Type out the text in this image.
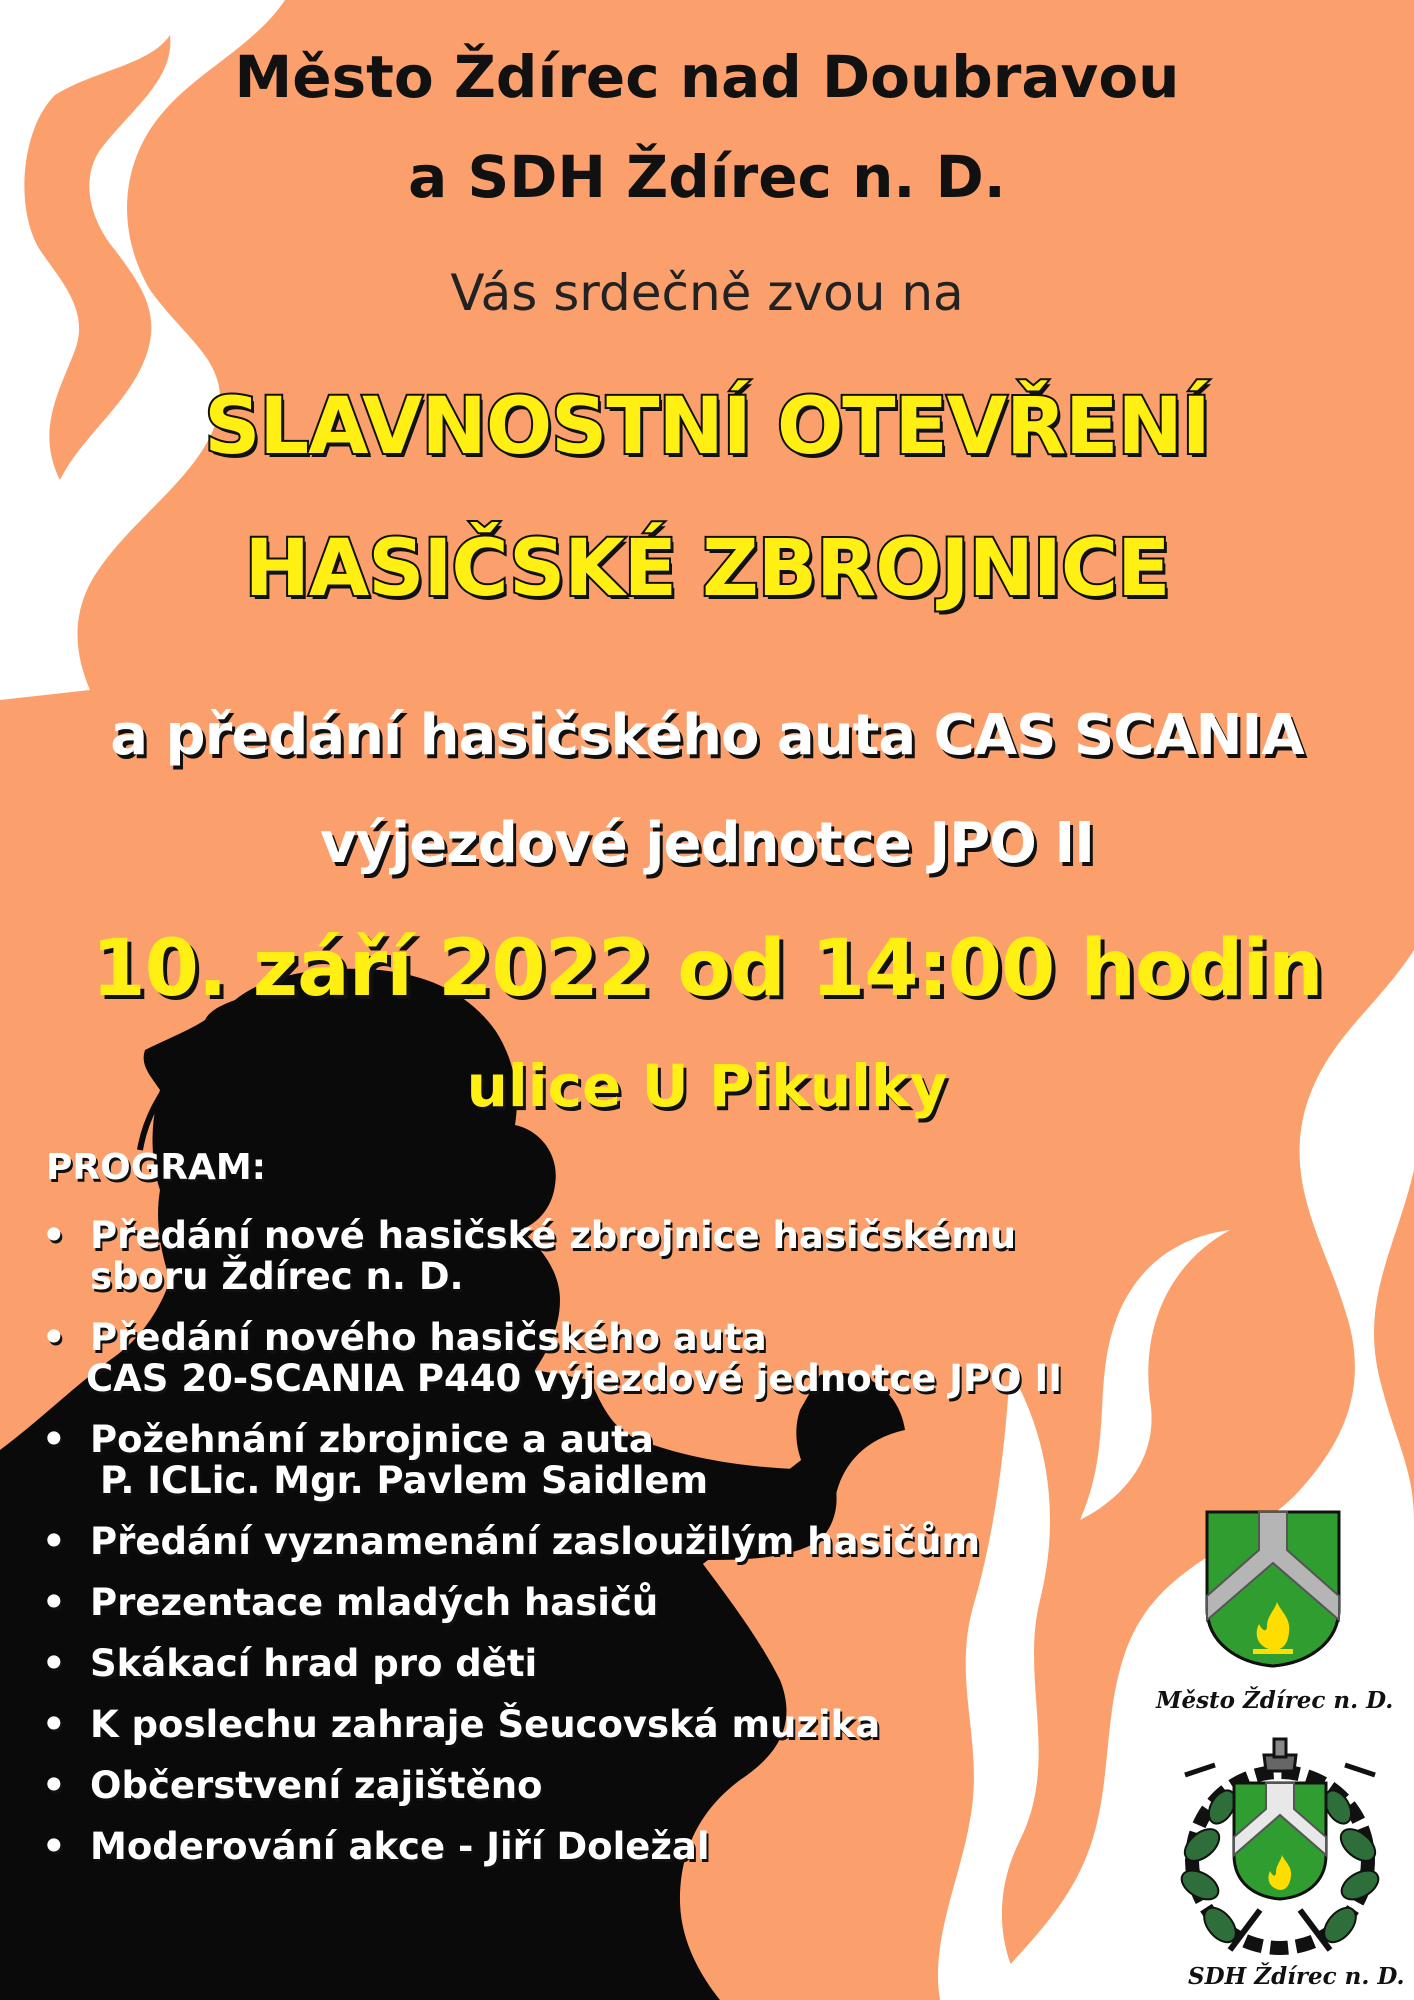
Město Ždírec nad Doubravou
a SDH Ždírec n. D.
Vás srdečně zvou na
SLAVNOSTNÍ OTEVŘENÍ
HASIČSKÉ ZBROJNICE
a předání hasičského auta CAS SCANIA
výjezdové jednotce JPO II
10. září 2022 od 14:00 hodin
ulice U Pikulky
PROGRAM:
• Předání nové hasičské zbrojnice hasičskému
sboru Ždírec n. D.
• Předání nového hasičského auta
CAS 20-SCANIA P440 výjezdové jednotce JPO II
• Požehnání zbrojnice a auta
P. ICLic. Mgr. Pavlem Saidlem
• Předání vyznamenání zasloužilým hasičům
• Prezentace mladých hasičů
• Skákací hrad pro děti
• K poslechu zahraje Šeucovská muzika
• Občerstvení zajištěno
• Moderování akce - Jiří Doležal
Město Ždírec n. D.
SDH Ždírec n. D.
